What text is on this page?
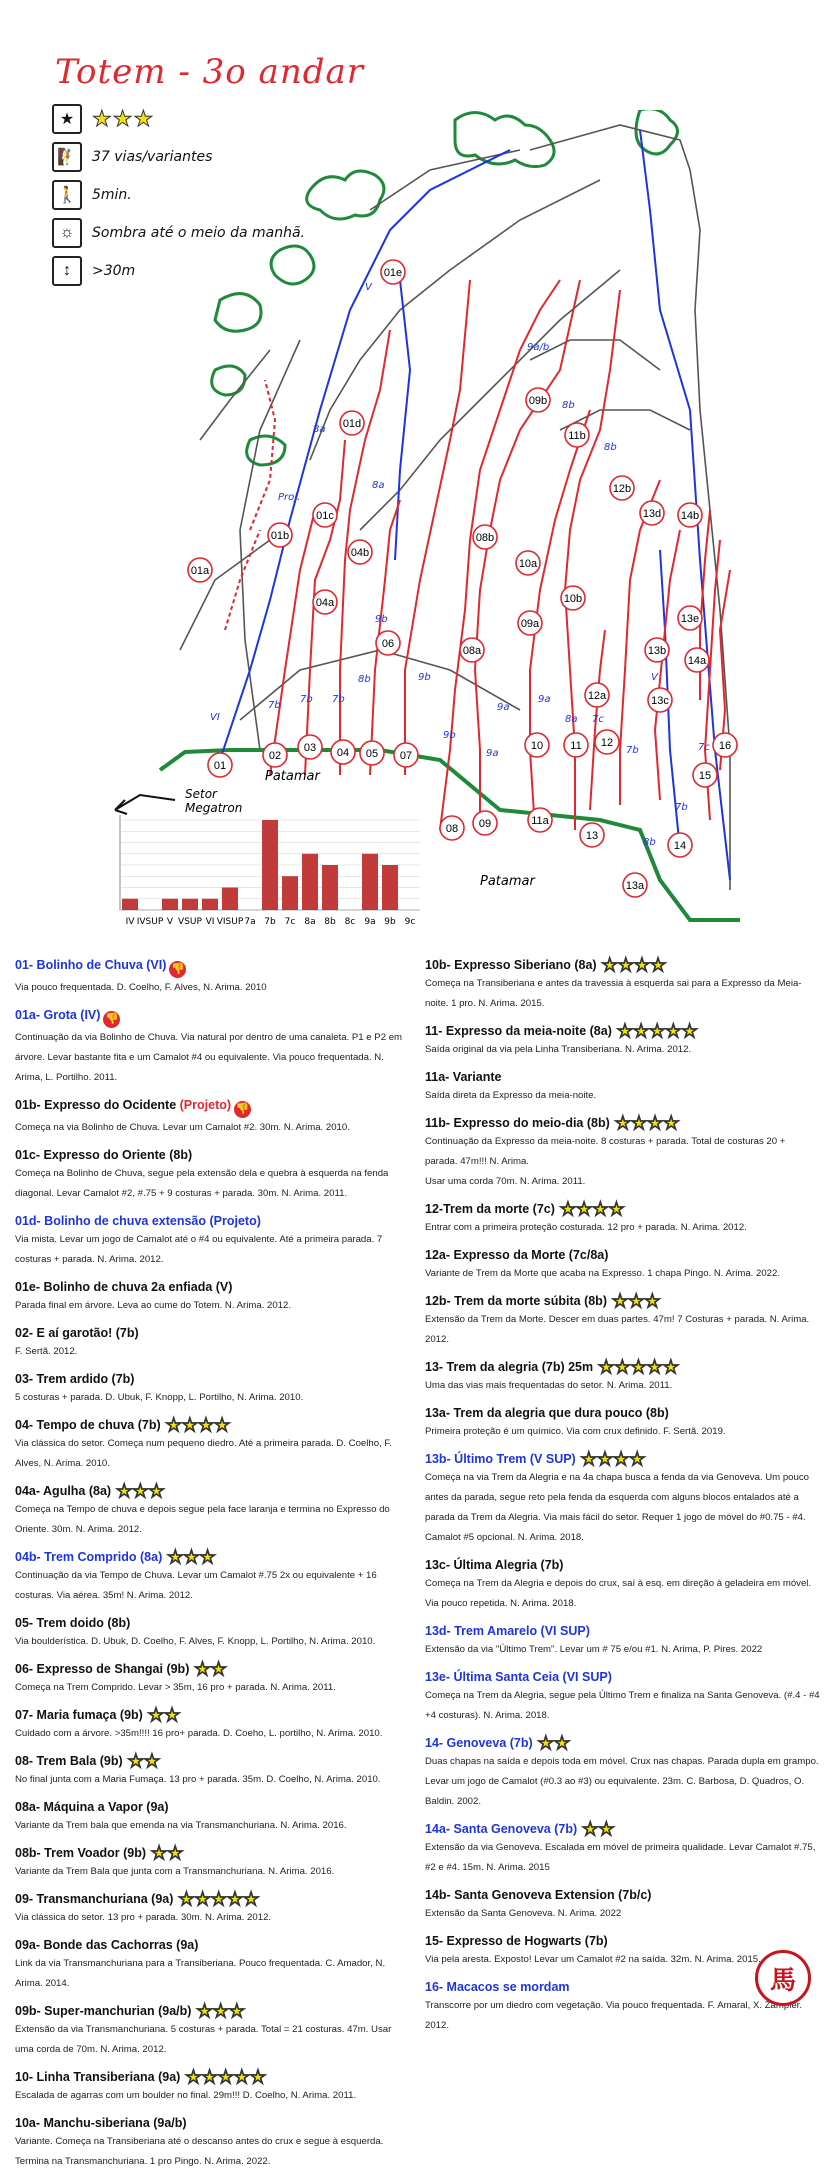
Totem - 3o andar
★ ★★★
🧗	37 vias/variantes
🚶	5min.
☼	Sombra até o meio da manhã.
↕	>30m
01
02
03 04 05
06
07
01a
01b
01c
01d
01e
04a
04b
08
08a
08b
09
09a
09b
10
10a
10b
11
11a
11b
12
12a
12b
13
13a
13b
13c
13d
13e
14
14a
14b
15
16
V
VI
7b
7b 7b
8b
8a
8a
9b
9b
9b
9a
9a
9a
8a 7c
8b
8b
V
7b	7c
8b
7b
9a/b
Proj.
Patamar
Patamar
Setor
Megatron
IV IVSUP V VSUP VI VISUP 7a 7b 7c 8a 8b 8c 9a 9b 9c
01- Bolinho de Chuva (VI) 👎
Via pouco frequentada. D. Coelho, F. Alves, N. Arima. 2010
01a- Grota (IV) 👎
Continuação da via Bolinho de Chuva. Via natural por dentro de uma canaleta. P1 e P2 em árvore. Levar bastante fita e um Camalot #4 ou equivalente. Via pouco frequentada. N. Arima, L. Portilho. 2011.
01b- Expresso do Ocidente (Projeto) 👎
Começa na via Bolinho de Chuva. Levar um Camalot #2. 30m. N. Arima. 2010.
01c- Expresso do Oriente (8b)
Começa na Bolinho de Chuva, segue pela extensão dela e quebra à esquerda na fenda diagonal. Levar Camalot #2, #.75 + 9 costuras + parada. 30m. N. Arima. 2011.
01d- Bolinho de chuva extensão (Projeto)
Via mista. Levar um jogo de Camalot até o #4 ou equivalente. Até a primeira parada. 7 costuras + parada. N. Arima. 2012.
01e- Bolinho de chuva 2a enfiada (V)
Parada final em árvore. Leva ao cume do Totem. N. Arima. 2012.
02- E aí garotão! (7b)
F. Sertã. 2012.
03- Trem ardido (7b)
5 costuras + parada. D. Ubuk, F. Knopp, L. Portilho, N. Arima. 2010.
04- Tempo de chuva (7b) ★★★★
Via clássica do setor. Começa num pequeno diedro. Até a primeira parada. D. Coelho, F. Alves, N. Arima. 2010.
04a- Agulha (8a) ★★★
Começa na Tempo de chuva e depois segue pela face laranja e termina no Expresso do Oriente. 30m. N. Arima. 2012.
04b- Trem Comprido (8a) ★★★
Continuação da via Tempo de Chuva. Levar um Camalot #.75 2x ou equivalente + 16 costuras. Via aérea. 35m! N. Arima. 2012.
05- Trem doido (8b)
Via boulderística. D. Ubuk, D. Coelho, F. Alves, F. Knopp, L. Portilho, N. Arima. 2010.
06- Expresso de Shangai (9b) ★★
Começa na Trem Comprido. Levar > 35m, 16 pro + parada. N. Arima. 2011.
07- Maria fumaça (9b) ★★
Cuidado com a árvore. >35m!!!! 16 pro+ parada. D. Coeho, L. portilho, N. Arima. 2010.
08- Trem Bala (9b) ★★
No final junta com a Maria Fumaça. 13 pro + parada. 35m. D. Coelho, N. Arima. 2010.
08a- Máquina a Vapor (9a)
Variante da Trem bala que emenda na via Transmanchuriana. N. Arima. 2016.
08b- Trem Voador (9b) ★★
Variante da Trem Bala que junta com a Transmanchuriana. N. Arima. 2016.
09- Transmanchuriana (9a) ★★★★★
Via clássica do setor. 13 pro + parada. 30m. N. Arima. 2012.
09a- Bonde das Cachorras (9a)
Link da via Transmanchuriana para a Transiberiana. Pouco frequentada. C. Amador, N. Arima. 2014.
09b- Super-manchurian (9a/b) ★★★
Extensão da via Transmanchuriana. 5 costuras + parada. Total = 21 costuras. 47m. Usar uma corda de 70m. N. Arima. 2012.
10- Linha Transiberiana (9a) ★★★★★
Escalada de agarras com um boulder no final. 29m!!! D. Coelho, N. Arima. 2011.
10a- Manchu-siberiana (9a/b)
Variante. Começa na Transiberiana até o descanso antes do crux e segue à esquerda. Termina na Transmanchuriana. 1 pro Pingo. N. Arima. 2022.
10b- Expresso Siberiano (8a) ★★★★
Começa na Transiberiana e antes da travessia à esquerda sai para a Expresso da Meia-noite. 1 pro. N. Arima. 2015.
11- Expresso da meia-noite (8a) ★★★★★
Saída original da via pela Linha Transiberiana. N. Arima. 2012.
11a- Variante
Saída direta da Expresso da meia-noite.
11b- Expresso do meio-dia (8b) ★★★★
Continuação da Expresso da meia-noite. 8 costuras + parada. Total de costuras 20 + parada. 47m!!! N. Arima.
Usar uma corda 70m. N. Arima. 2011.
12-Trem da morte (7c) ★★★★
Entrar com a primeira proteção costurada. 12 pro + parada. N. Arima. 2012.
12a- Expresso da Morte (7c/8a)
Variante de Trem da Morte que acaba na Expresso. 1 chapa Pingo. N. Arima. 2022.
12b- Trem da morte súbita (8b) ★★★
Extensão da Trem da Morte. Descer em duas partes. 47m! 7 Costuras + parada. N. Arima. 2012.
13- Trem da alegria (7b) 25m ★★★★★
Uma das vias mais frequentadas do setor. N. Arima. 2011.
13a- Trem da alegria que dura pouco (8b)
Primeira proteção é um químico. Via com crux definido. F. Sertã. 2019.
13b- Último Trem (V SUP) ★★★★
Começa na via Trem da Alegria e na 4a chapa busca a fenda da via Genoveva. Um pouco antes da parada, segue reto pela fenda da esquerda com alguns blocos entalados até a parada da Trem da Alegria. Via mais fácil do setor. Requer 1 jogo de móvel do #0.75 - #4. Camalot #5 opcional. N. Arima. 2018.
13c- Última Alegria (7b)
Começa na Trem da Alegria e depois do crux, saí à esq. em direção à geladeira em móvel. Via pouco repetida. N. Arima. 2018.
13d- Trem Amarelo (VI SUP)
Extensão da via "Último Trem". Levar um # 75 e/ou #1. N. Arima, P. Pires. 2022
13e- Última Santa Ceia (VI SUP)
Começa na Trem da Alegria, segue pela Último Trem e finaliza na Santa Genoveva. (#.4 - #4 +4 costuras). N. Arima. 2018.
14- Genoveva (7b) ★★
Duas chapas na saída e depois toda em móvel. Crux nas chapas. Parada dupla em grampo. Levar um jogo de Camalot (#0.3 ao #3) ou equivalente. 23m. C. Barbosa, D. Quadros, O. Baldin. 2002.
14a- Santa Genoveva (7b) ★★
Extensão da via Genoveva. Escalada em móvel de primeira qualidade. Levar Camalot #.75, #2 e #4. 15m. N. Arima. 2015
14b- Santa Genoveva Extension (7b/c)
Extensão da Santa Genoveva. N. Arima. 2022
15- Expresso de Hogwarts (7b)
Via pela aresta. Exposto! Levar um Camalot #2 na saída. 32m. N. Arima. 2015.
16- Macacos se mordam
Transcorre por um diedro com vegetação. Via pouco frequentada. F. Amaral, X. Zampier. 2012.
馬
